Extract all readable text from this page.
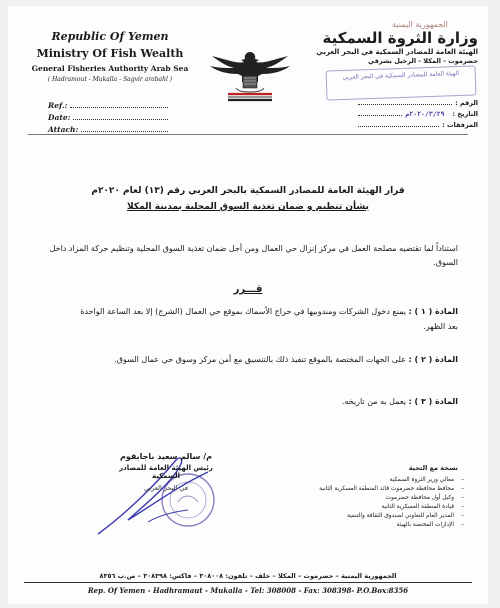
Republic Of Yemen
Ministry Of Fish Wealth
General Fisheries Authority Arab Sea
( Hadramout - Mukalla - Sagvir arabahl )
Ref.:
Date:
Attach:
الجمهورية اليمنية
وزارة الثروة السمكية
الهيئة العامة للمصادر السمكية في البحر العربي
حضرموت - المكلا - الرخيل بشرقي
الهيئة العامة للمصادر السمكية في البحر العربي
الرقم :
التاريخ :
٢٠٢٠/٣/٢٩م
المرفقات :
قرار الهيئة العامة للمصادر السمكية بالبحر العربي رقم (١٣) لعام ٢٠٢٠م
بشأن تنظيم و ضمان تغذية السوق المحلية بمدينة المكلا
استناداً لما تقتضيه مصلحة العمل في مركز إنزال حي العمال ومن أجل ضمان تغذية السوق المحلية وتنظيم حركة المزاد داخل السوق.
قـــرر
المادة ( ١ ) : يمنع دخول الشركات ومندوبيها في حراج الأسماك بموقع حي العمال (الشرج) إلا بعد الساعة الواحدة بعد الظهر.
المادة ( ٢ ) : على الجهات المختصة بالموقع تنفيذ ذلك بالتنسيق مع أمن مركز وسوق حي عمال السوق.
المادة ( ٣ ) : يعمل به من تاريخه.
م/ سالم سعيد باجابقوم
رئيس الهيئة العامة للمصادر السمكية
في البحر العربي
نسخة مع التحية
– معالي وزير الثروة السمكية
– محافظ محافظة حضرموت قائد المنطقة العسكرية الثانية
– وكيل أول محافظة حضرموت
– قيادة المنطقة العسكرية الثانية
– المدير العام للتعاوني لصندوق الثقافة والتنمية
– الإدارات المختصة بالهيئة
الجمهورية اليمنية – حضرموت – المكلا – خلف – تلفون: ٣٠٨٠٠٨ – فاكس: ٣٠٨٣٩٨ – ص.ب ٨٣٥٦
Rep. Of Yemen - Hadhramaut - Mukalla - Tel: 308008 - Fax: 308398- P.O.Box:8356
